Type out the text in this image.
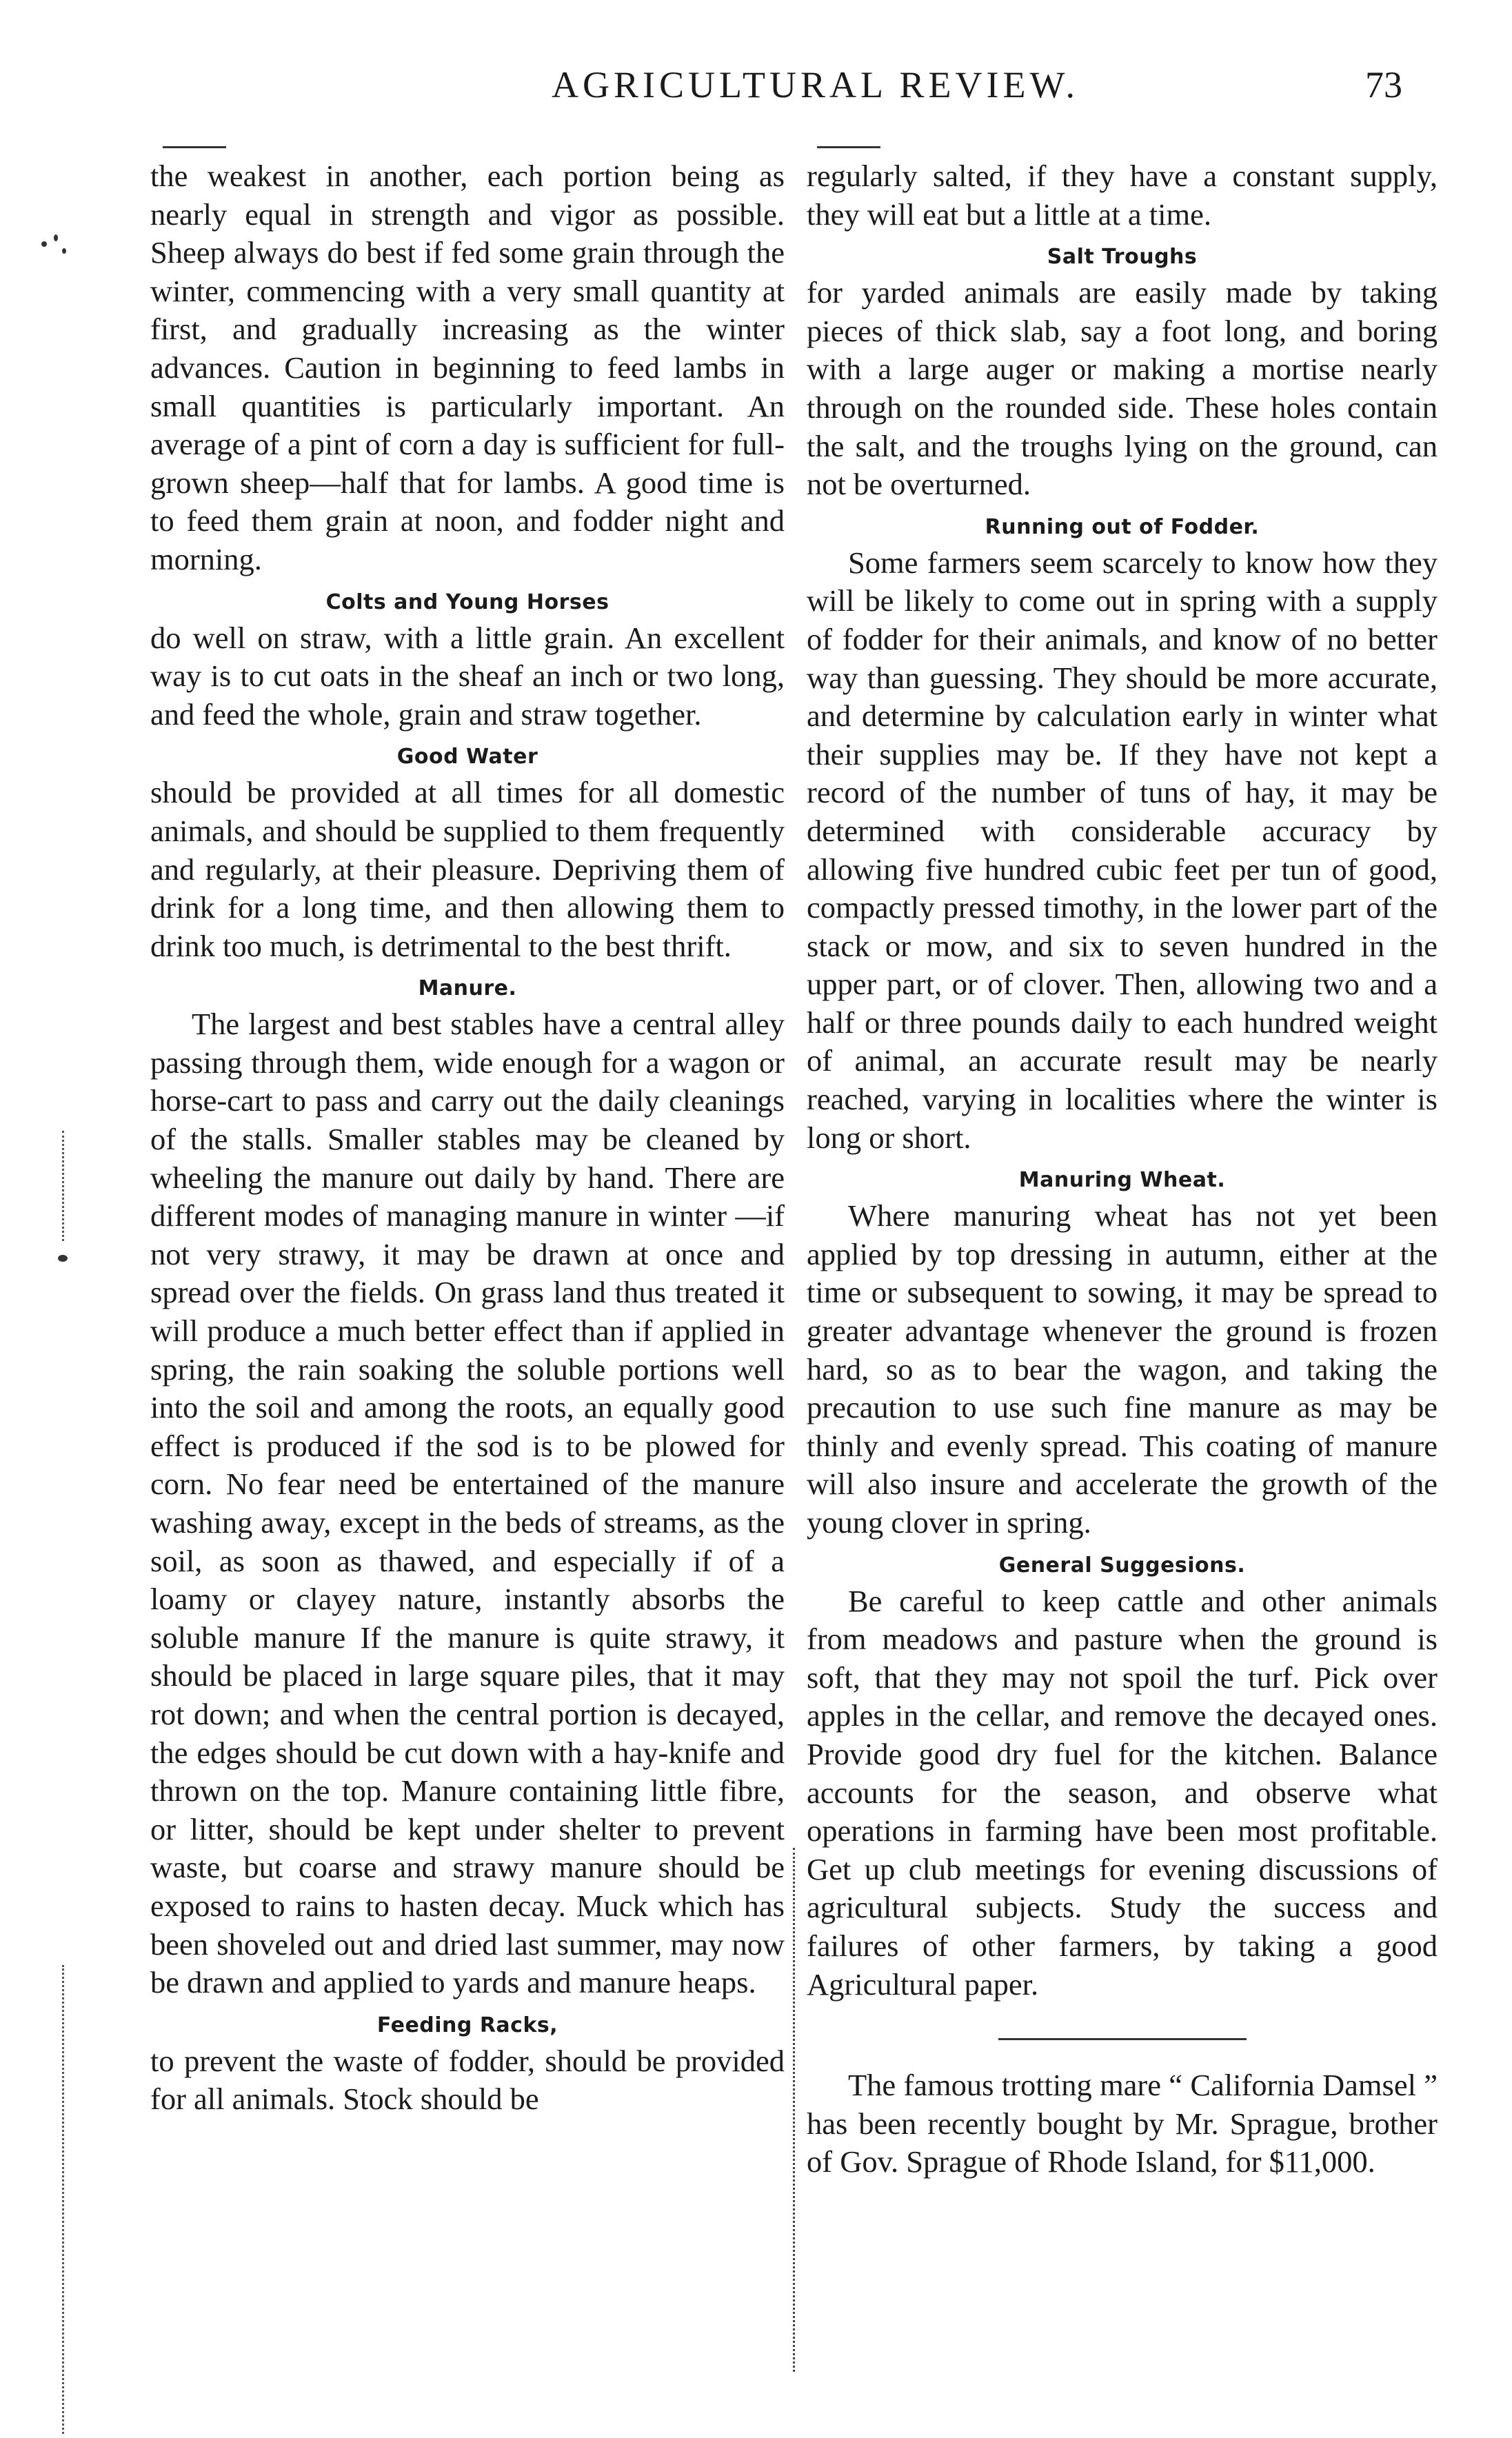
AGRICULTURAL REVIEW.	73

the weakest in another, each portion being as nearly equal in strength and vigor as possible. Sheep always do best if fed some grain through the winter, commencing with a very small quantity at first, and gradually increasing as the winter advances. Caution in beginning to feed lambs in small quantities is particularly important. An average of a pint of corn a day is sufficient for full-grown sheep—half that for lambs. A good time is to feed them grain at noon, and fodder night and morning.

Colts and Young Horses

do well on straw, with a little grain. An excellent way is to cut oats in the sheaf an inch or two long, and feed the whole, grain and straw together.

Good Water

should be provided at all times for all domestic animals, and should be supplied to them frequently and regularly, at their pleasure. Depriving them of drink for a long time, and then allowing them to drink too much, is detrimental to the best thrift.

Manure.

The largest and best stables have a central alley passing through them, wide enough for a wagon or horse-cart to pass and carry out the daily cleanings of the stalls. Smaller stables may be cleaned by wheeling the manure out daily by hand. There are different modes of managing manure in winter —if not very strawy, it may be drawn at once and spread over the fields. On grass land thus treated it will produce a much better effect than if applied in spring, the rain soaking the soluble portions well into the soil and among the roots, an equally good effect is produced if the sod is to be plowed for corn. No fear need be entertained of the manure washing away, except in the beds of streams, as the soil, as soon as thawed, and especially if of a loamy or clayey nature, instantly absorbs the soluble manure If the manure is quite strawy, it should be placed in large square piles, that it may rot down; and when the central portion is decayed, the edges should be cut down with a hay-knife and thrown on the top. Manure containing little fibre, or litter, should be kept under shelter to prevent waste, but coarse and strawy manure should be exposed to rains to hasten decay. Muck which has been shoveled out and dried last summer, may now be drawn and applied to yards and manure heaps.

Feeding Racks,

to prevent the waste of fodder, should be provided for all animals. Stock should be

regularly salted, if they have a constant supply, they will eat but a little at a time.

Salt Troughs

for yarded animals are easily made by taking pieces of thick slab, say a foot long, and boring with a large auger or making a mortise nearly through on the rounded side. These holes contain the salt, and the troughs lying on the ground, can not be overturned.

Running out of Fodder.

Some farmers seem scarcely to know how they will be likely to come out in spring with a supply of fodder for their animals, and know of no better way than guessing. They should be more accurate, and determine by calculation early in winter what their supplies may be. If they have not kept a record of the number of tuns of hay, it may be determined with considerable accuracy by allowing five hundred cubic feet per tun of good, compactly pressed timothy, in the lower part of the stack or mow, and six to seven hundred in the upper part, or of clover. Then, allowing two and a half or three pounds daily to each hundred weight of animal, an accurate result may be nearly reached, varying in localities where the winter is long or short.

Manuring Wheat.

Where manuring wheat has not yet been applied by top dressing in autumn, either at the time or subsequent to sowing, it may be spread to greater advantage whenever the ground is frozen hard, so as to bear the wagon, and taking the precaution to use such fine manure as may be thinly and evenly spread. This coating of manure will also insure and accelerate the growth of the young clover in spring.

General Suggesions.

Be careful to keep cattle and other animals from meadows and pasture when the ground is soft, that they may not spoil the turf. Pick over apples in the cellar, and remove the decayed ones. Provide good dry fuel for the kitchen. Balance accounts for the season, and observe what operations in farming have been most profitable. Get up club meetings for evening discussions of agricultural subjects. Study the success and failures of other farmers, by taking a good Agricultural paper.

The famous trotting mare “ California Damsel ” has been recently bought by Mr. Sprague, brother of Gov. Sprague of Rhode Island, for $11,000.
